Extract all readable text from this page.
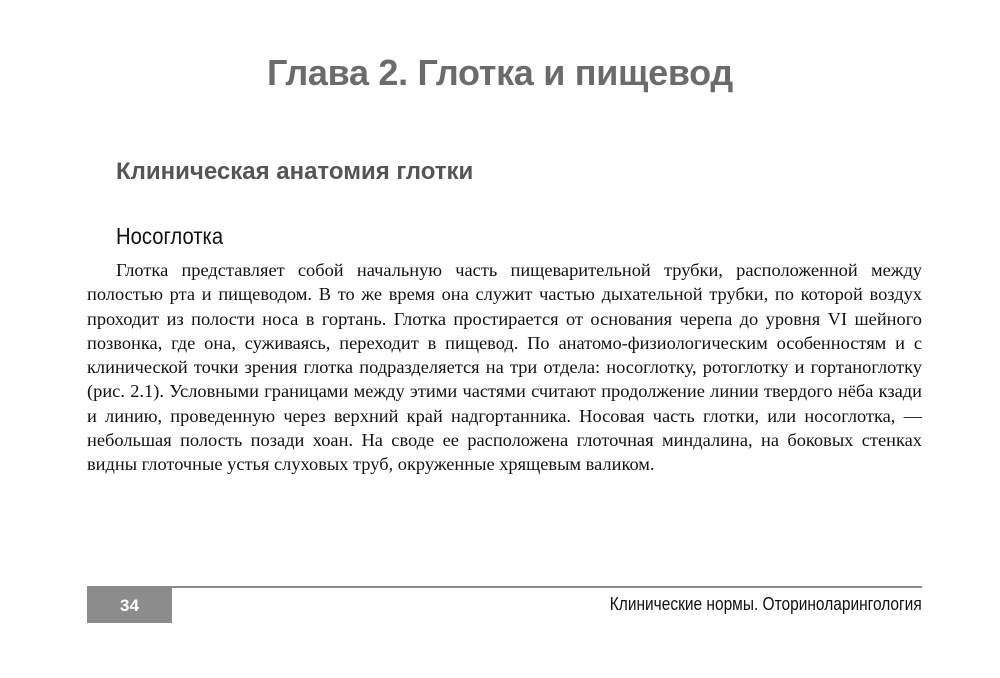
Глава 2. Глотка и пищевод
Клиническая анатомия глотки
Носоглотка

Глотка представляет собой начальную часть пищеварительной трубки, расположенной между полостью рта и пищеводом. В то же время она служит частью дыхательной трубки, по которой воздух проходит из полости носа в гортань. Глотка простирается от основания черепа до уровня VI шейного позвонка, где она, суживаясь, переходит в пищевод. По анатомо-физиологическим особенностям и с клинической точки зрения глотка подразделяется на три отдела: носоглотку, ротоглотку и гортаноглотку (рис. 2.1). Условными границами между этими частями считают продолжение линии твердого нёба кзади и линию, проведенную через верхний край надгортанника. Носовая часть глотки, или носоглотка, — небольшая полость позади хоан. На своде ее расположена глоточная миндалина, на боковых стенках видны глоточные устья слуховых труб, окруженные хрящевым валиком.

34	Клинические нормы. Оториноларингология
